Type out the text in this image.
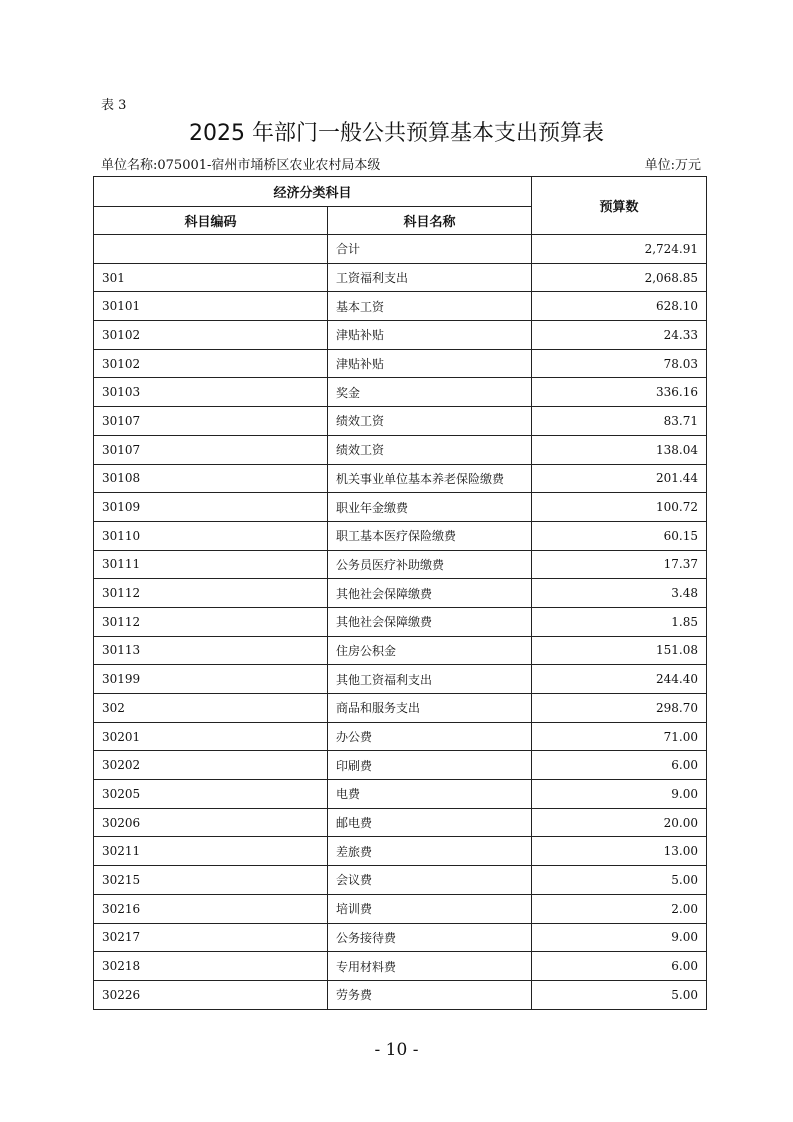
表 3
2025 年部门一般公共预算基本支出预算表
单位名称:075001-宿州市埇桥区农业农村局本级	单位:万元
经济分类科目		预算数
科目编码	科目名称	
	合计	2,724.91
301	工资福利支出	2,068.85
30101	基本工资	628.10
30102	津贴补贴	24.33
30102	津贴补贴	78.03
30103	奖金	336.16
30107	绩效工资	83.71
30107	绩效工资	138.04
30108	机关事业单位基本养老保险缴费	201.44
30109	职业年金缴费	100.72
30110	职工基本医疗保险缴费	60.15
30111	公务员医疗补助缴费	17.37
30112	其他社会保障缴费	3.48
30112	其他社会保障缴费	1.85
30113	住房公积金	151.08
30199	其他工资福利支出	244.40
302	商品和服务支出	298.70
30201	办公费	71.00
30202	印刷费	6.00
30205	电费	9.00
30206	邮电费	20.00
30211	差旅费	13.00
30215	会议费	5.00
30216	培训费	2.00
30217	公务接待费	9.00
30218	专用材料费	6.00
30226	劳务费	5.00
- 10 -
